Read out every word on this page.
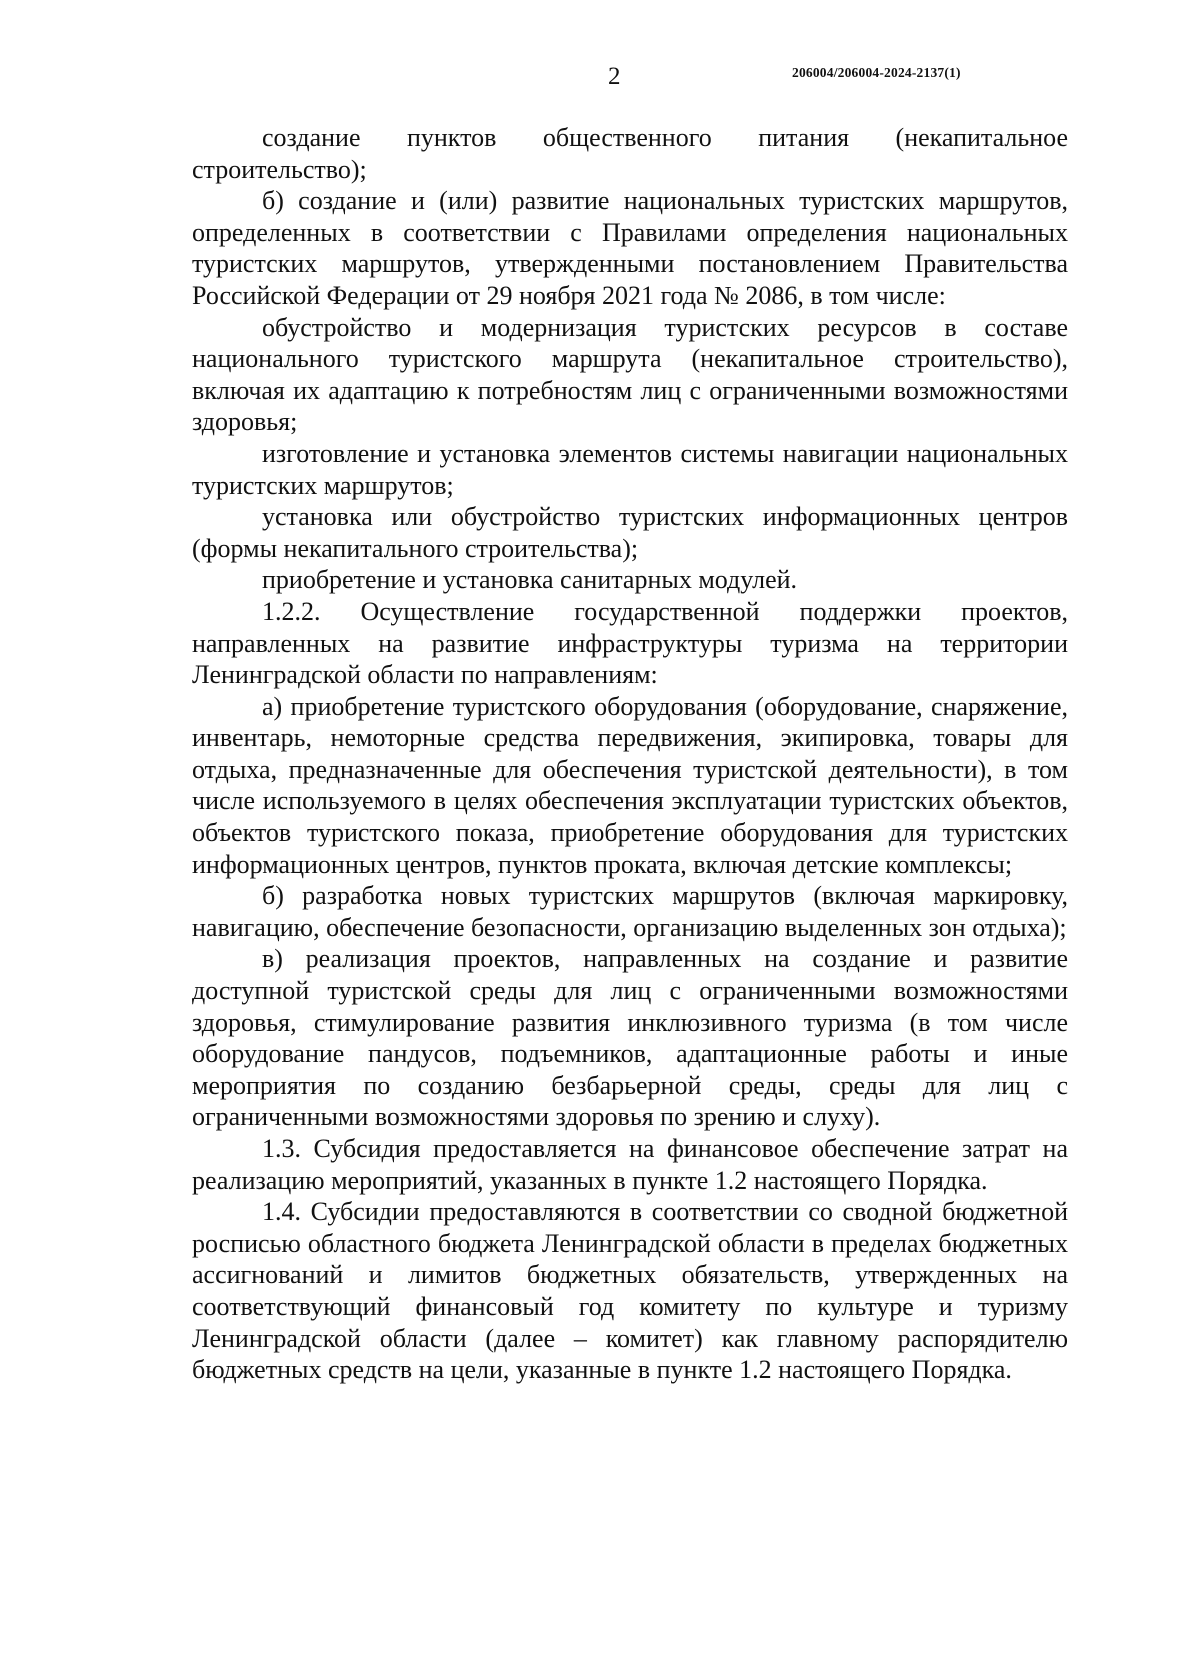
2	206004/206004-2024-2137(1)

создание пунктов общественного питания (некапитальное строительство);

б) создание и (или) развитие национальных туристских маршрутов, определенных в соответствии с Правилами определения национальных туристских маршрутов, утвержденными постановлением Правительства Российской Федерации от 29 ноября 2021 года № 2086, в том числе:

обустройство и модернизация туристских ресурсов в составе национального туристского маршрута (некапитальное строительство), включая их адаптацию к потребностям лиц с ограниченными возможностями здоровья;

изготовление и установка элементов системы навигации национальных туристских маршрутов;

установка или обустройство туристских информационных центров (формы некапитального строительства);

приобретение и установка санитарных модулей.

1.2.2. Осуществление государственной поддержки проектов, направленных на развитие инфраструктуры туризма на территории Ленинградской области по направлениям:

а) приобретение туристского оборудования (оборудование, снаряжение, инвентарь, немоторные средства передвижения, экипировка, товары для отдыха, предназначенные для обеспечения туристской деятельности), в том числе используемого в целях обеспечения эксплуатации туристских объектов, объектов туристского показа, приобретение оборудования для туристских информационных центров, пунктов проката, включая детские комплексы;

б) разработка новых туристских маршрутов (включая маркировку, навигацию, обеспечение безопасности, организацию выделенных зон отдыха);

в) реализация проектов, направленных на создание и развитие доступной туристской среды для лиц с ограниченными возможностями здоровья, стимулирование развития инклюзивного туризма (в том числе оборудование пандусов, подъемников, адаптационные работы и иные мероприятия по созданию безбарьерной среды, среды для лиц с ограниченными возможностями здоровья по зрению и слуху).

1.3. Субсидия предоставляется на финансовое обеспечение затрат на реализацию мероприятий, указанных в пункте 1.2 настоящего Порядка.

1.4. Субсидии предоставляются в соответствии со сводной бюджетной росписью областного бюджета Ленинградской области в пределах бюджетных ассигнований и лимитов бюджетных обязательств, утвержденных на соответствующий финансовый год комитету по культуре и туризму Ленинградской области (далее – комитет) как главному распорядителю бюджетных средств на цели, указанные в пункте 1.2 настоящего Порядка.
